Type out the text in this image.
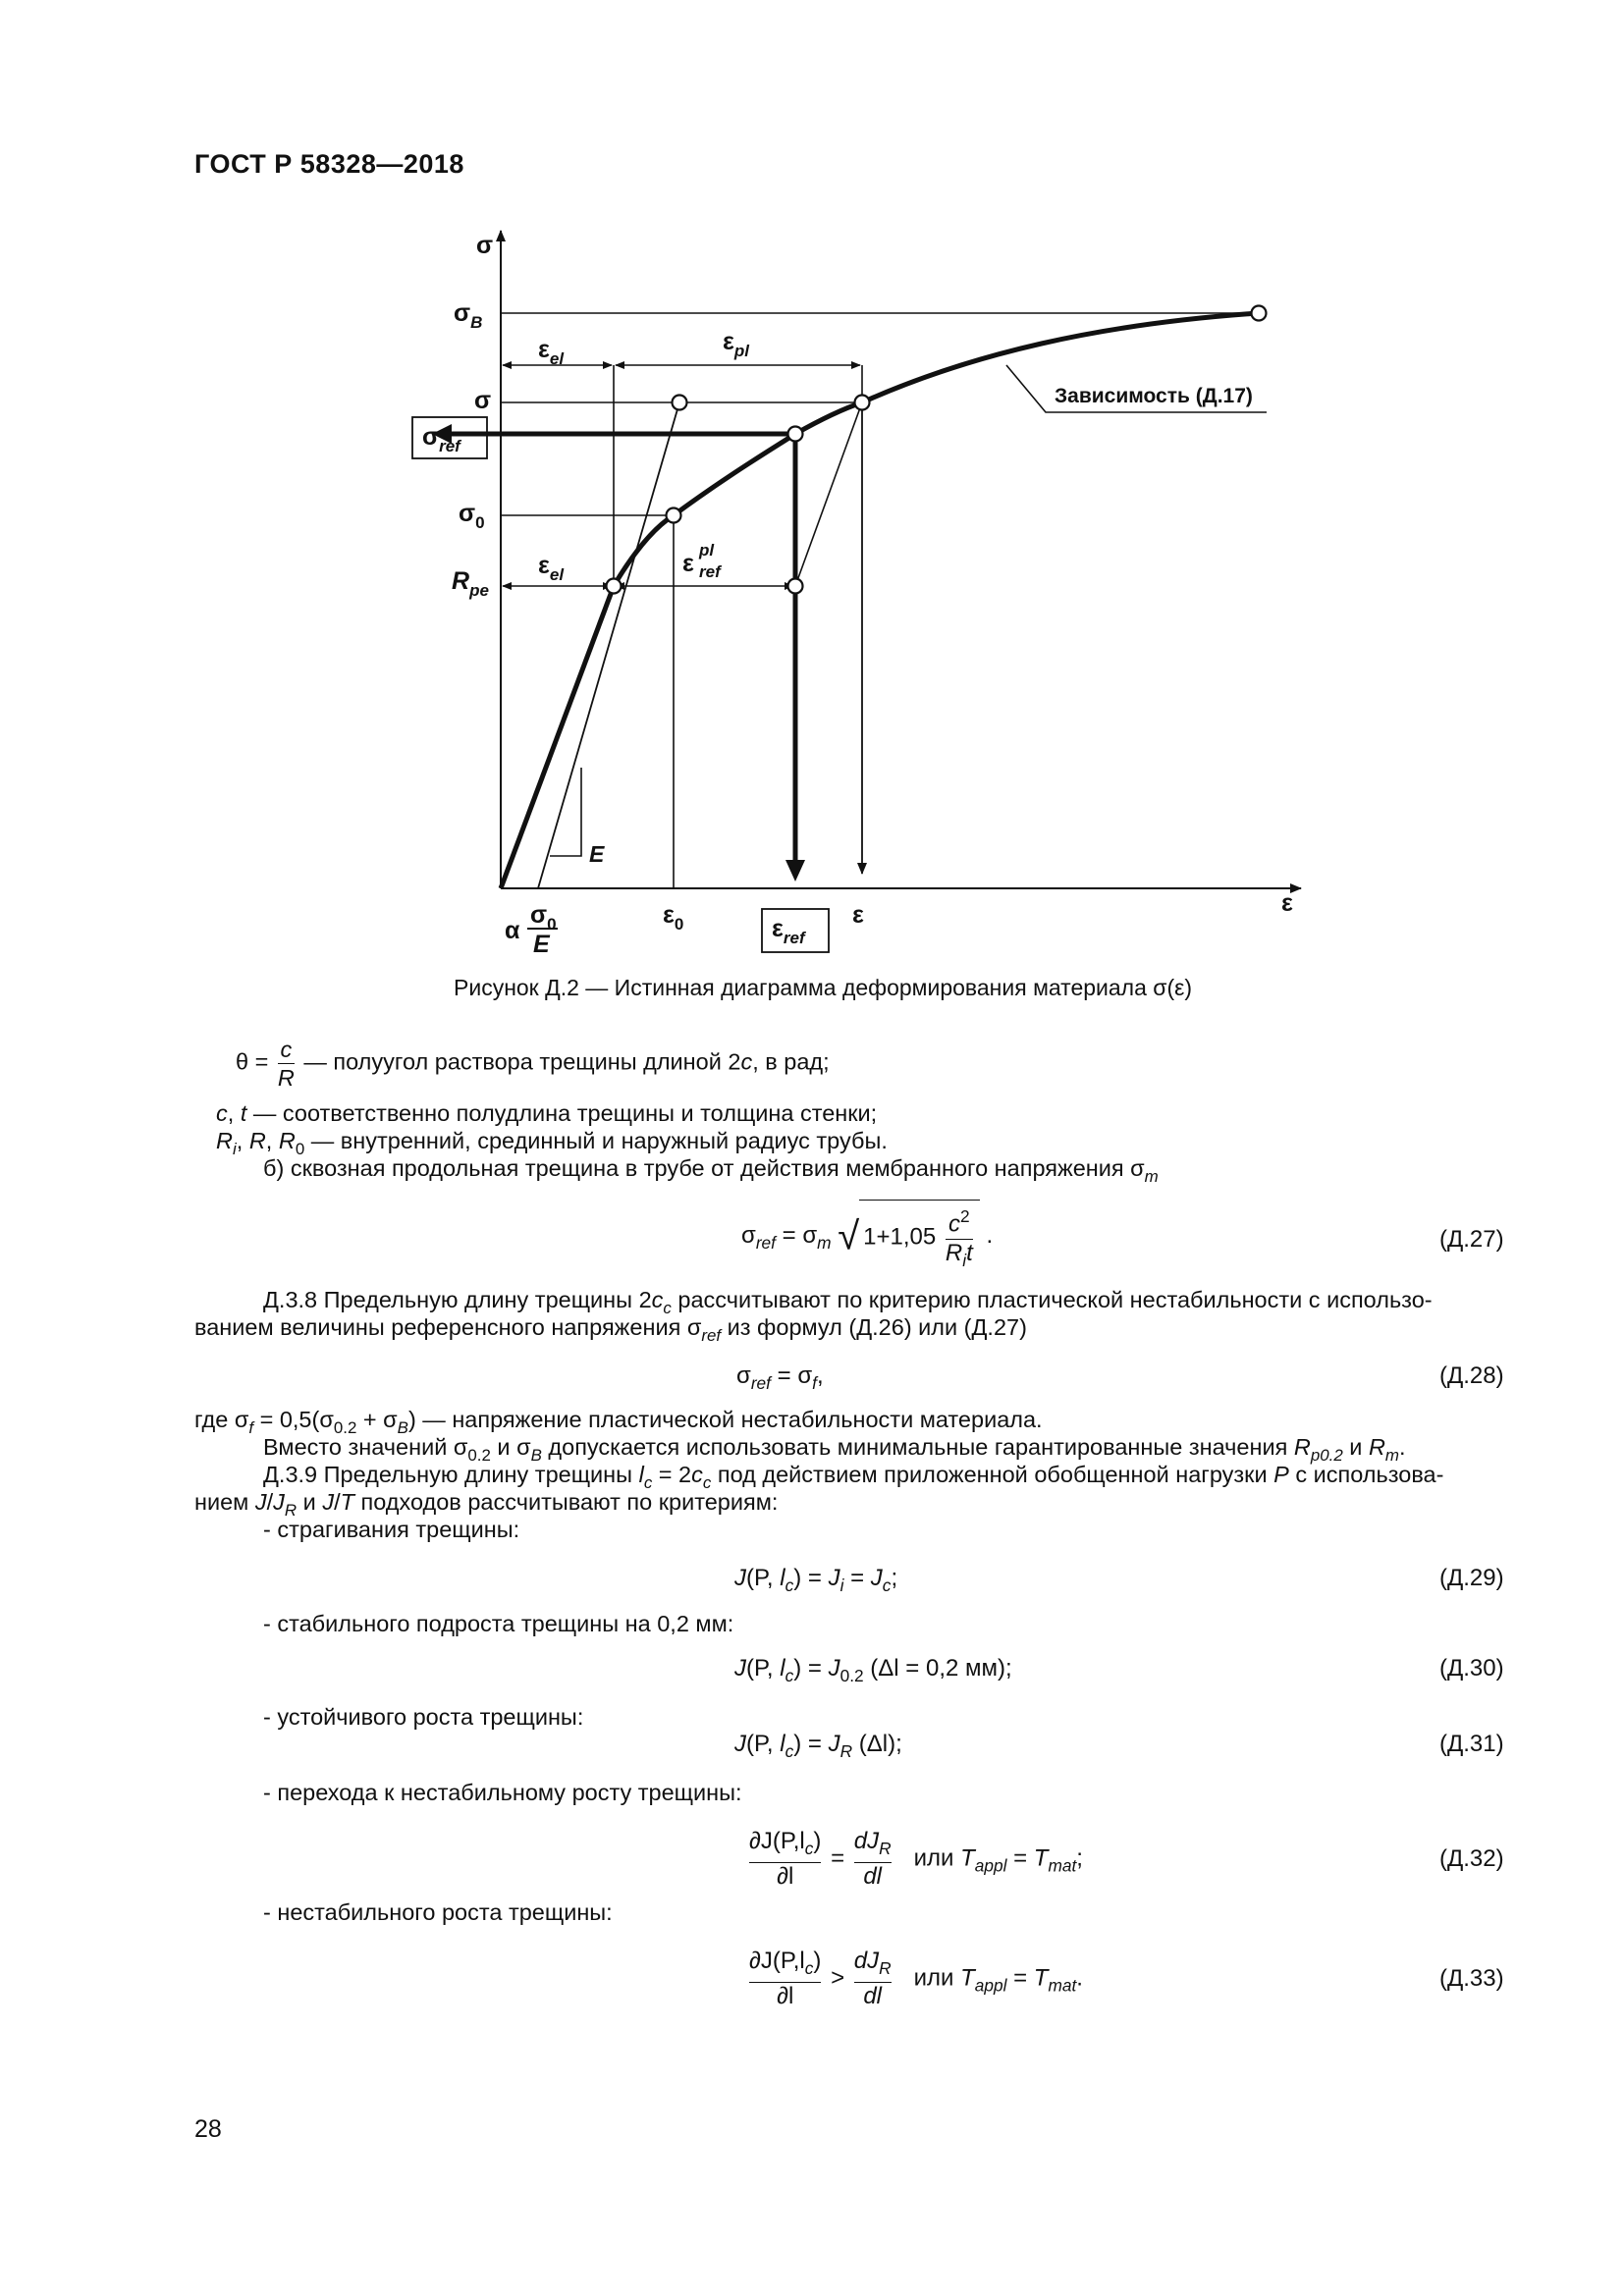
ГОСТ Р 58328—2018
σ
$\sigma_B$
σ
$\sigma_{ref}$
$\sigma_0$
$R_{pe}$
$\varepsilon_{el}$
$\varepsilon_{pl}$
$\varepsilon_{el}$	ε pl
ref
E
Зависимость (Д.17)
α
$\sigma_0$
E
$\varepsilon_0$	$\varepsilon_{ref}$
ε	ε
Рисунок Д.2 — Истинная диаграмма деформирования материала σ(ε)
$\theta = \frac{c}{R}$ — полуугол раствора трещины длиной 2c, в рад;
c, t — соответственно полудлина трещины и толщина стенки;
$R_i$, R, $R_0$ — внутренний, срединный и наружный радиус трубы.
б) сквозная продольная трещина в трубе от действия мембранного напряжения $\sigma_m$
$\sigma_{ref} = \sigma_m$ √ $1+1,05 \frac{c^2}{R_it}$ .	(Д.27)
Д.3.8 Предельную длину трещины $2c_c$ рассчитывают по критерию пластической нестабильности с использо-
ванием величины референсного напряжения $\sigma_{ref}$ из формул (Д.26) или (Д.27)
$\sigma_{ref} = \sigma_f$,	(Д.28)
где $\sigma_f = 0,5(\sigma_{0.2} + \sigma_B)$ — напряжение пластической нестабильности материала.
Вместо значений $\sigma_{0.2}$ и $\sigma_B$ допускается использовать минимальные гарантированные значения $R_{p0.2}$ и $R_m$.
Д.3.9 Предельную длину трещины $l_c = 2c_c$ под действием приложенной обобщенной нагрузки P с использова-
нием $J/J_R$ и J/T подходов рассчитывают по критериям:
- страгивания трещины:
J(P, $l_c) = J_i = J_c$;	(Д.29)
- стабильного подроста трещины на 0,2 мм:
J(P, $l_c) = J_{0.2}$ (Δl = 0,2 мм);	(Д.30)
- устойчивого роста трещины:
J(P, $l_c) = J_R$ (Δl);	(Д.31)
- перехода к нестабильному росту трещины:
$\frac{\partial J(P,l_c)}{\partial l} = \frac{dJ_R}{dl}$ или $T_{appl} = T_{mat}$;	(Д.32)
- нестабильного роста трещины:
$\frac{\partial J(P,l_c)}{\partial l} > \frac{dJ_R}{dl}$ или $T_{appl} = T_{mat}$.	(Д.33)
28
